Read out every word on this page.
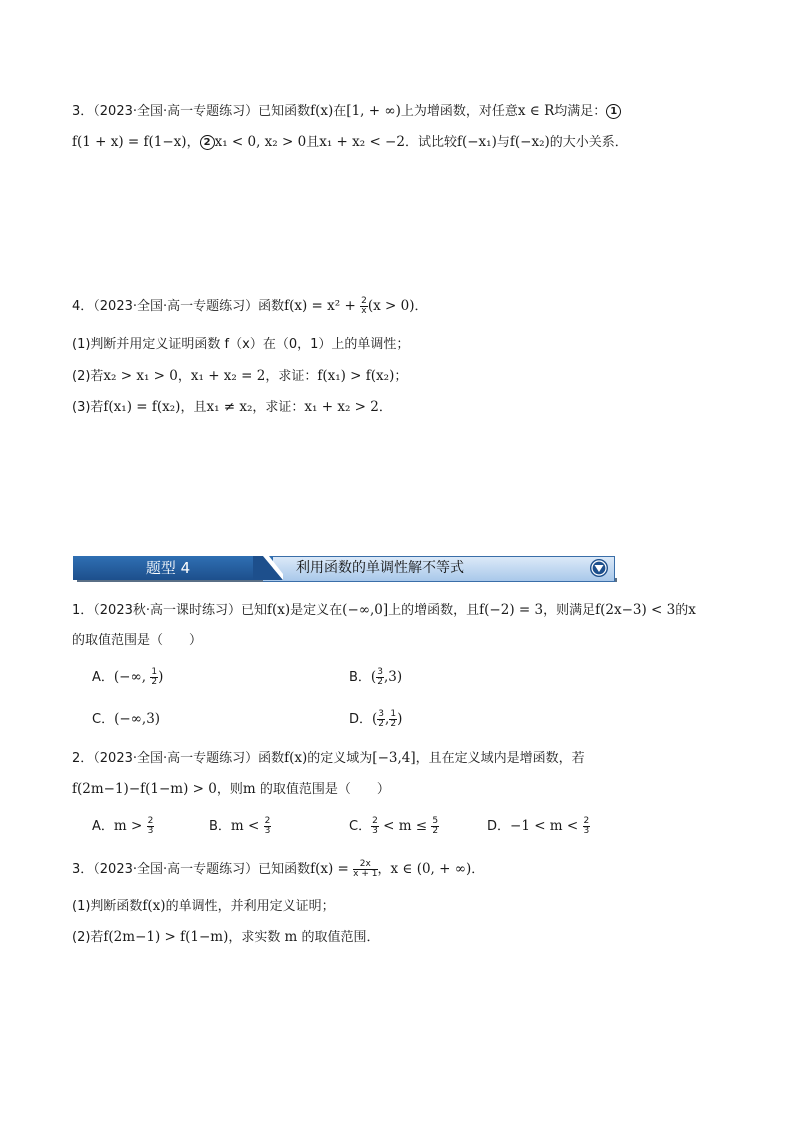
3．（2023·全国·高一专题练习）已知函数f(x)在[1, + ∞)上为增函数，对任意x ∈ R均满足： 1
f(1 + x) = f(1−x)， 2 x₁ < 0, x₂ > 0且x₁ + x₂ < −2．试比较f(−x₁)与f(−x₂)的大小关系．
4．（2023·全国·高一专题练习）函数$f(x) = x^2 + \frac{2}{x} (x > 0)$．
(1)判断并用定义证明函数 f（x）在（0，1）上的单调性；
(2)若x₂ > x₁ > 0，x₁ + x₂ = 2，求证：f(x₁) > f(x₂)；
(3)若f(x₁) = f(x₂)，且x₁ ≠ x₂，求证：x₁ + x₂ > 2．
题型 4	利用函数的单调性解不等式
1．（2023秋·高一课时练习）已知f(x)是定义在(−∞,0]上的增函数，且f(−2) = 3，则满足f(2x−3) < 3的x
的取值范围是（　　）
A．(−∞, $\frac{1}{2}$ )	B．( $\frac{3}{2} ,3$)
C．(−∞,3)	D．( $\frac{3}{2}$ , $\frac{1}{2}$ )
2．（2023·全国·高一专题练习）函数f(x)的定义域为[−3,4]，且在定义域内是增函数，若
f(2m−1)−f(1−m) > 0，则m 的取值范围是（　　）
A．$m > \frac{2}{3}$	B．$m < \frac{2}{3}$	C． $\frac{2}{3} < m \le \frac{5}{2}$	D．$-1 < m < \frac{2}{3}$
3．（2023·全国·高一专题练习）已知函数$f(x) = \frac{2x}{x + 1}$ ，x ∈ (0, + ∞)．
(1)判断函数f(x)的单调性，并利用定义证明；
(2)若f(2m−1) > f(1−m)，求实数 m 的取值范围．
